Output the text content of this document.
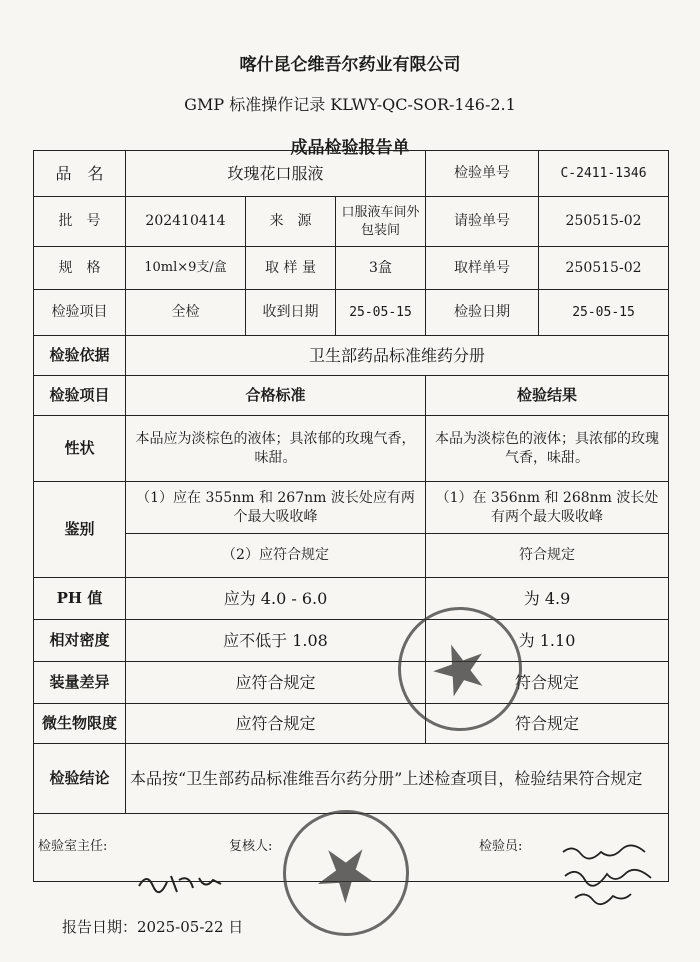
喀什昆仑维吾尔药业有限公司
GMP 标准操作记录 KLWY-QC-SOR-146-2.1
成品检验报告单
品　名	玫瑰花口服液			检验单号	C-2411-1346
批　号	202410414	来　源	口服液车间外包装间	请验单号	250515-02
规　格	10ml×9支/盒	取 样 量	3盒	取样单号	250515-02
检验项目	全检	收到日期	25-05-15	检验日期	25-05-15
检验依据	卫生部药品标准维药分册				
检验项目	合格标准			检验结果	
性状	本品应为淡棕色的液体；具浓郁的玫瑰气香，味甜。			本品为淡棕色的液体；具浓郁的玫瑰气香，味甜。	
鉴别	（1）应在 355nm 和 267nm 波长处应有两个最大吸收峰			（1）在 356nm 和 268nm 波长处有两个最大吸收峰	
	（2）应符合规定			符合规定	
PH 值	应为 4.0 - 6.0			为 4.9	
相对密度	应不低于 1.08			为 1.10	
装量差异	应符合规定			符合规定	
微生物限度	应符合规定			符合规定	
检验结论	本品按“卫生部药品标准维吾尔药分册”上述检查项目，检验结果符合规定				

检验室主任: 复核人: 检验员:					
报告日期：2025-05-22 日
